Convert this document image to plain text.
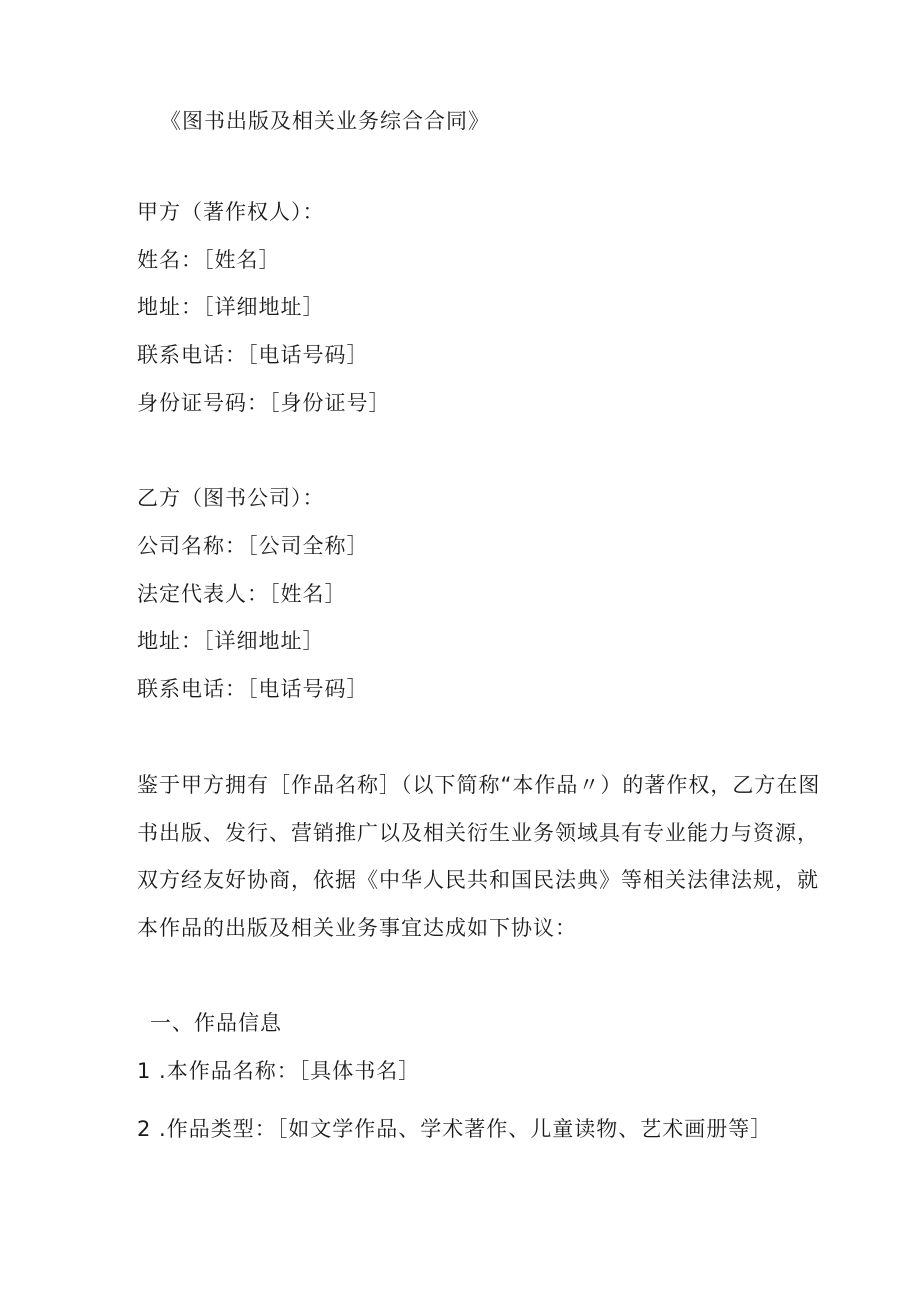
《图书出版及相关业务综合合同》
甲方（著作权人）：
姓名：［姓名］
地址：［详细地址］
联系电话：［电话号码］
身份证号码：［身份证号］
乙方（图书公司）：
公司名称：［公司全称］
法定代表人：［姓名］
地址：［详细地址］
联系电话：［电话号码］
鉴于甲方拥有［作品名称］（以下简称“本作品〃）的著作权，乙方在图
书出版、发行、营销推广以及相关衍生业务领域具有专业能力与资源，
双方经友好协商，依据《中华人民共和国民法典》等相关法律法规，就
本作品的出版及相关业务事宜达成如下协议：
一、作品信息
1 .本作品名称：［具体书名］
2 .作品类型：［如文学作品、学术著作、儿童读物、艺术画册等］
